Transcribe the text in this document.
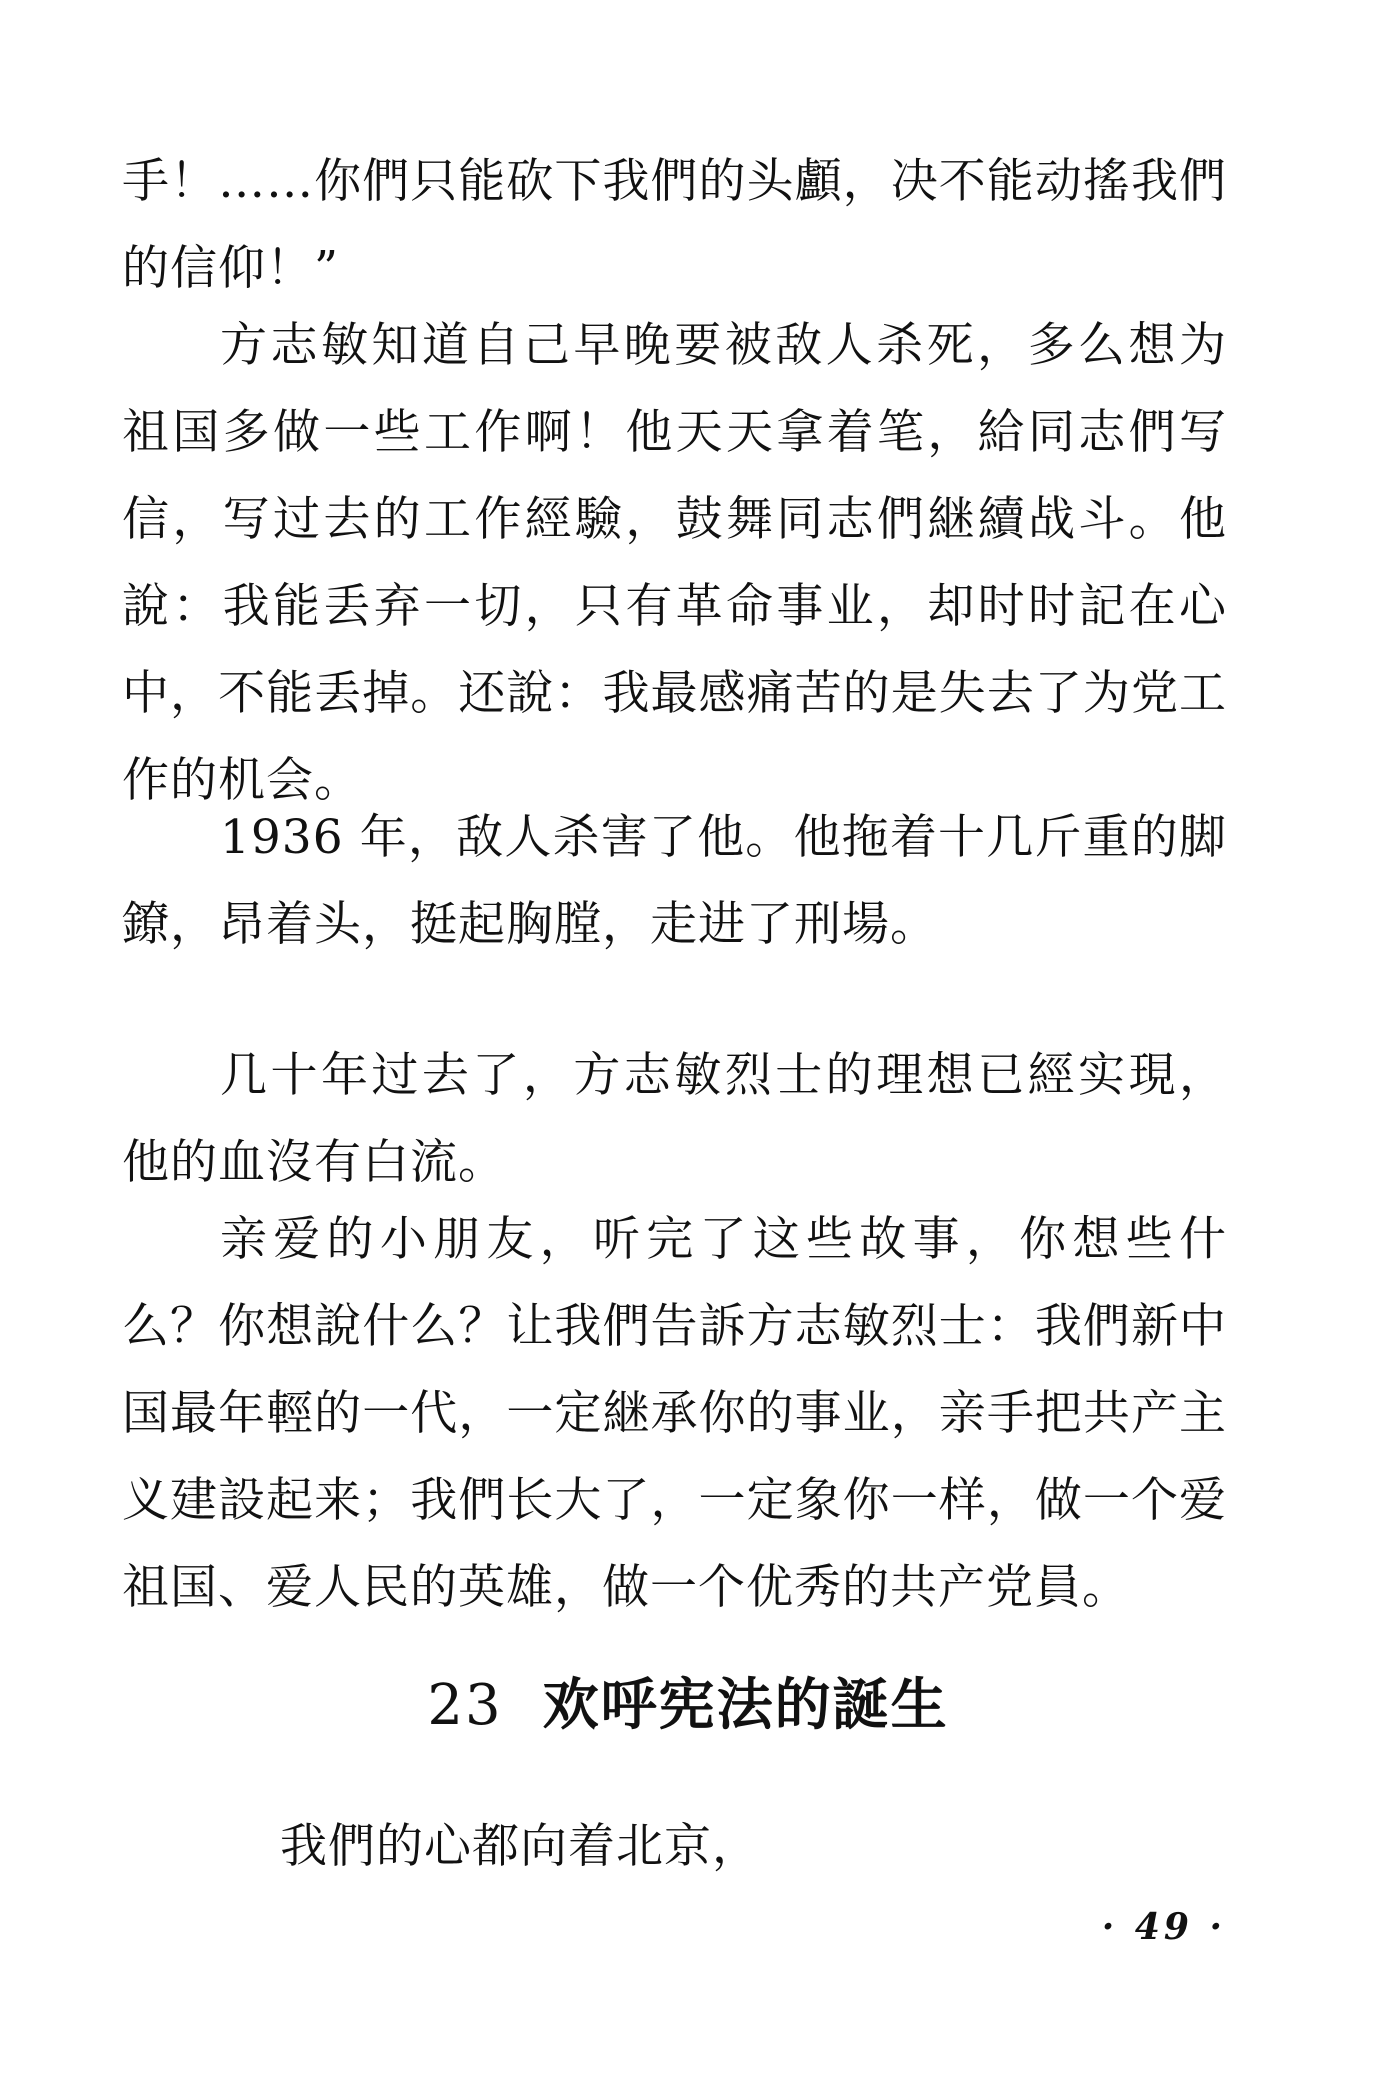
手！……你們只能砍下我們的头顱，决不能动搖我們的信仰！”

方志敏知道自己早晚要被敌人杀死，多么想为祖国多做一些工作啊！他天天拿着笔，給同志們写信，写过去的工作經驗，鼓舞同志們継續战斗。他說：我能丢弃一切，只有革命事业，却时时記在心中，不能丢掉。还說：我最感痛苦的是失去了为党工作的机会。

1936 年，敌人杀害了他。他拖着十几斤重的脚鐐，昂着头，挺起胸膛，走进了刑場。

几十年过去了，方志敏烈士的理想已經实現，他的血沒有白流。

亲爱的小朋友，听完了这些故事，你想些什么？你想說什么？让我們告訴方志敏烈士：我們新中国最年輕的一代，一定継承你的事业，亲手把共产主义建設起来；我們长大了，一定象你一样，做一个爱祖国、爱人民的英雄，做一个优秀的共产党員。

23 欢呼宪法的誕生

我們的心都向着北京，

· 49 ·
